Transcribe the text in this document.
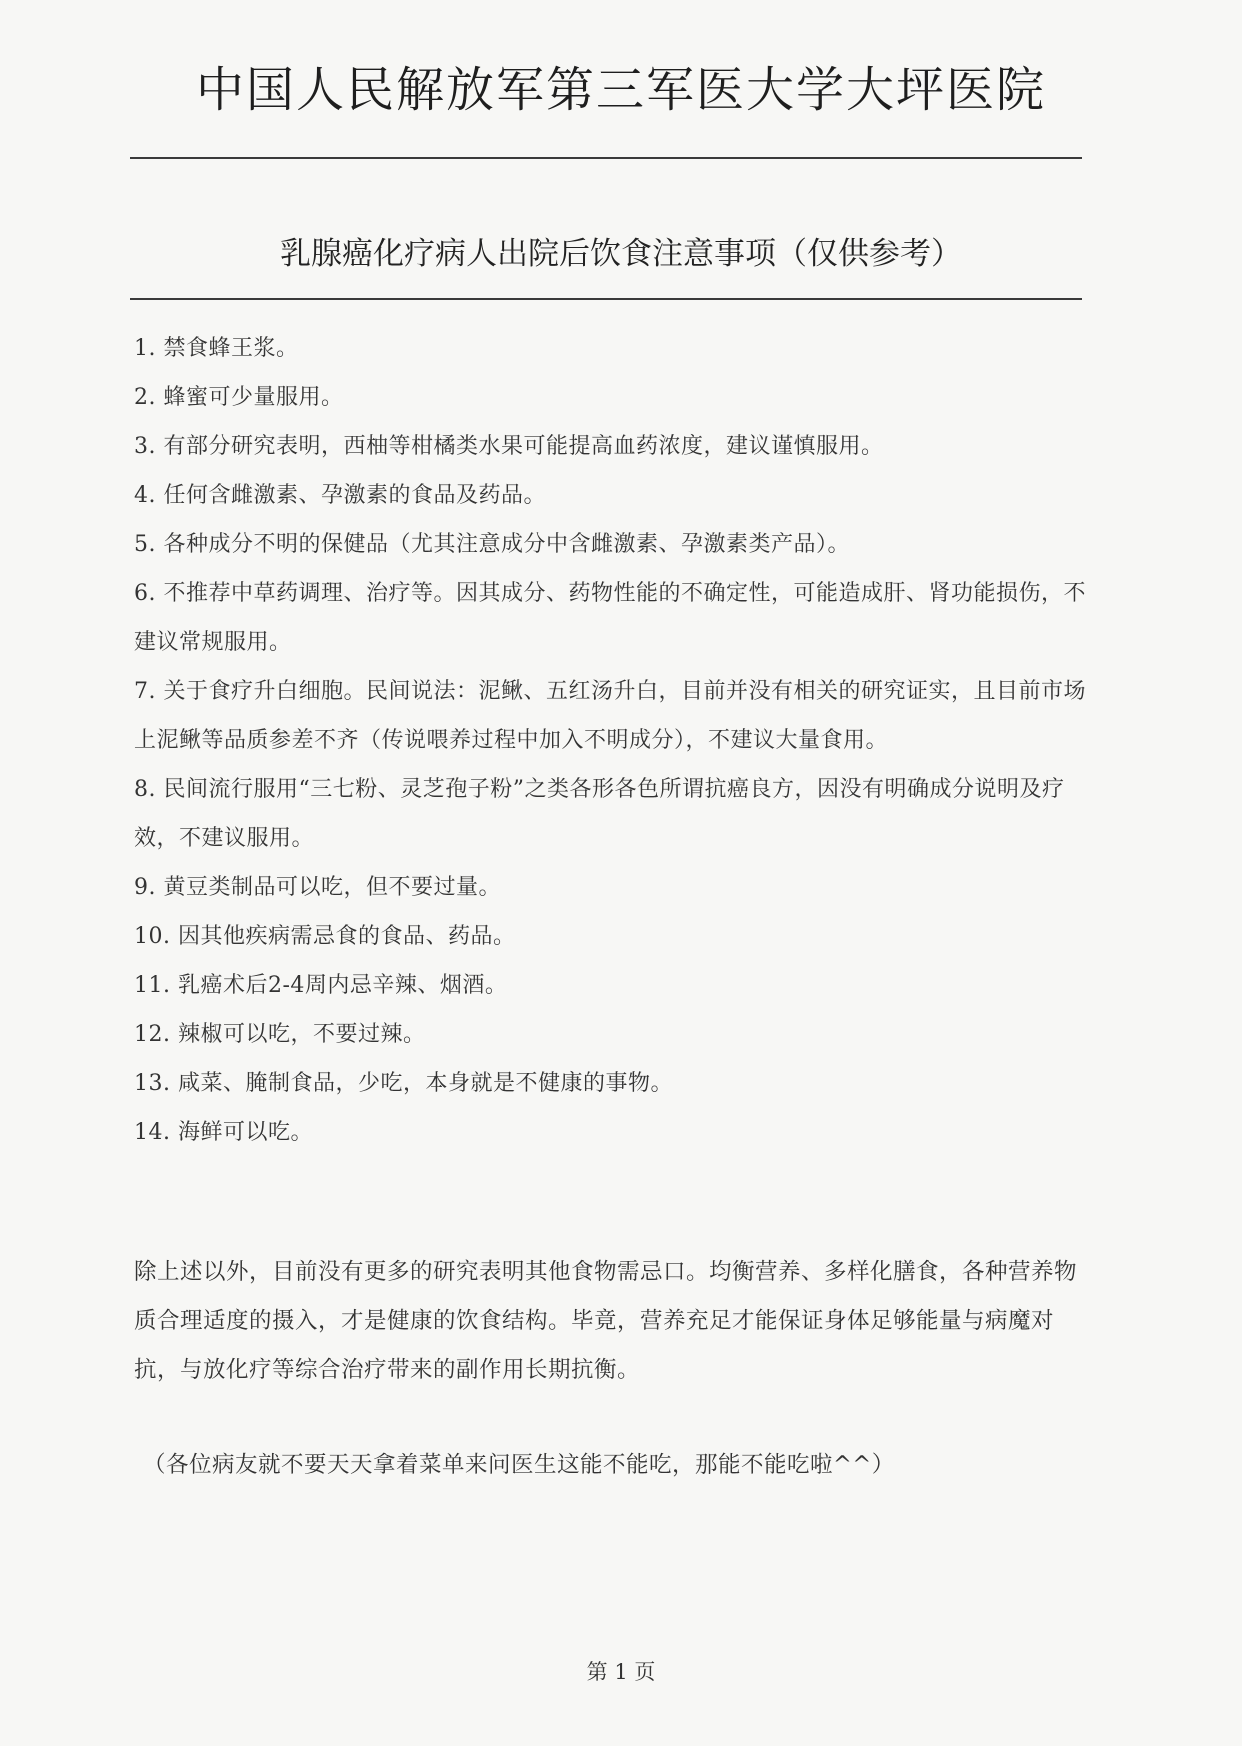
中国人民解放军第三军医大学大坪医院
乳腺癌化疗病人出院后饮食注意事项（仅供参考）
1. 禁食蜂王浆。
2. 蜂蜜可少量服用。
3. 有部分研究表明，西柚等柑橘类水果可能提高血药浓度，建议谨慎服用。
4. 任何含雌激素、孕激素的食品及药品。
5. 各种成分不明的保健品（尤其注意成分中含雌激素、孕激素类产品）。
6. 不推荐中草药调理、治疗等。因其成分、药物性能的不确定性，可能造成肝、肾功能损伤，不建议常规服用。
7. 关于食疗升白细胞。民间说法：泥鳅、五红汤升白，目前并没有相关的研究证实，且目前市场上泥鳅等品质参差不齐（传说喂养过程中加入不明成分），不建议大量食用。
8. 民间流行服用“三七粉、灵芝孢子粉”之类各形各色所谓抗癌良方，因没有明确成分说明及疗效，不建议服用。
9. 黄豆类制品可以吃，但不要过量。
10. 因其他疾病需忌食的食品、药品。
11. 乳癌术后2-4周内忌辛辣、烟酒。
12. 辣椒可以吃，不要过辣。
13. 咸菜、腌制食品，少吃，本身就是不健康的事物。
14. 海鲜可以吃。
除上述以外，目前没有更多的研究表明其他食物需忌口。均衡营养、多样化膳食，各种营养物质合理适度的摄入，才是健康的饮食结构。毕竟，营养充足才能保证身体足够能量与病魔对抗，与放化疗等综合治疗带来的副作用长期抗衡。
（各位病友就不要天天拿着菜单来问医生这能不能吃，那能不能吃啦^^）
第 1 页
